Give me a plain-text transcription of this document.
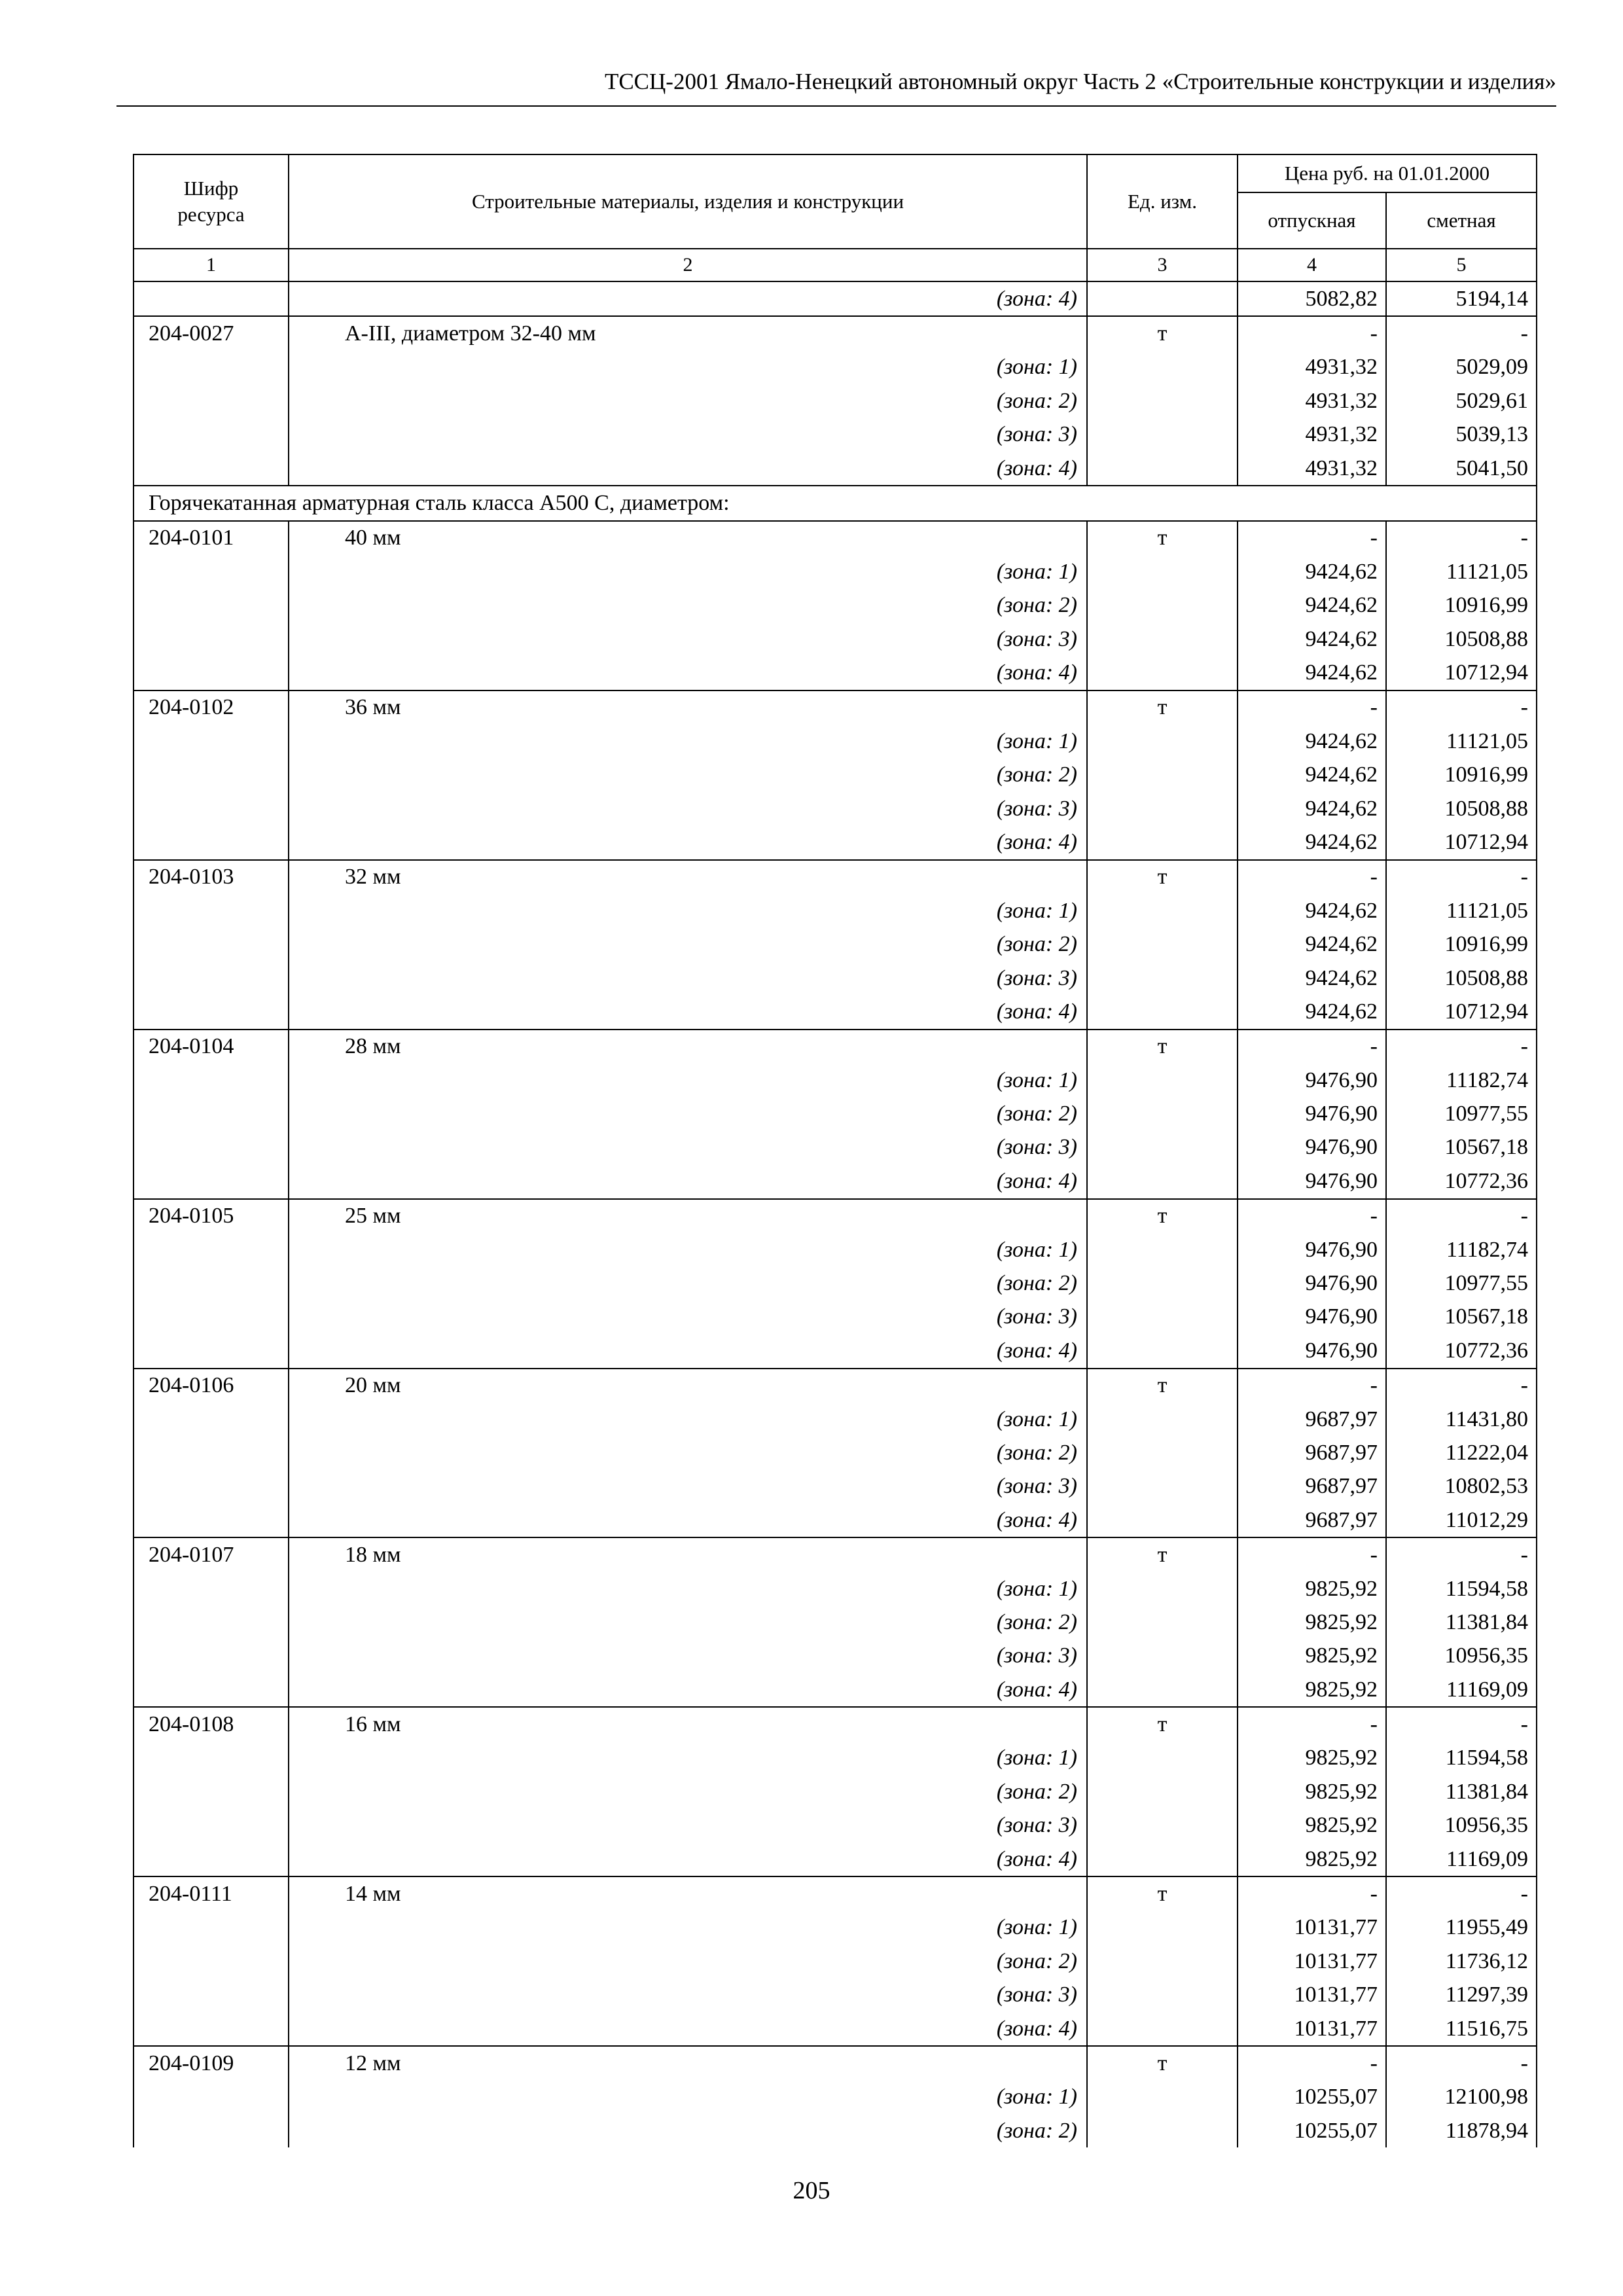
ТССЦ-2001 Ямало-Ненецкий автономный округ Часть 2 «Строительные конструкции и изделия»
Шифр ресурса	Строительные материалы, изделия и конструкции	Ед. изм.	Цена руб. на 01.01.2000	
			отпускная	сметная
1	2	3	4	5
	(зона: 4)		5082,82	5194,14
204-0027	A-III, диаметром 32-40 мм	т	-	-
	(зона: 1)		4931,32	5029,09
	(зона: 2)		4931,32	5029,61
	(зона: 3)		4931,32	5039,13
	(зона: 4)		4931,32	5041,50
Горячекатанная арматурная сталь класса А500 С, диаметром:				
204-0101	40 мм	т	-	-
	(зона: 1)		9424,62	11121,05
	(зона: 2)		9424,62	10916,99
	(зона: 3)		9424,62	10508,88
	(зона: 4)		9424,62	10712,94
204-0102	36 мм	т	-	-
	(зона: 1)		9424,62	11121,05
	(зона: 2)		9424,62	10916,99
	(зона: 3)		9424,62	10508,88
	(зона: 4)		9424,62	10712,94
204-0103	32 мм	т	-	-
	(зона: 1)		9424,62	11121,05
	(зона: 2)		9424,62	10916,99
	(зона: 3)		9424,62	10508,88
	(зона: 4)		9424,62	10712,94
204-0104	28 мм	т	-	-
	(зона: 1)		9476,90	11182,74
	(зона: 2)		9476,90	10977,55
	(зона: 3)		9476,90	10567,18
	(зона: 4)		9476,90	10772,36
204-0105	25 мм	т	-	-
	(зона: 1)		9476,90	11182,74
	(зона: 2)		9476,90	10977,55
	(зона: 3)		9476,90	10567,18
	(зона: 4)		9476,90	10772,36
204-0106	20 мм	т	-	-
	(зона: 1)		9687,97	11431,80
	(зона: 2)		9687,97	11222,04
	(зона: 3)		9687,97	10802,53
	(зона: 4)		9687,97	11012,29
204-0107	18 мм	т	-	-
	(зона: 1)		9825,92	11594,58
	(зона: 2)		9825,92	11381,84
	(зона: 3)		9825,92	10956,35
	(зона: 4)		9825,92	11169,09
204-0108	16 мм	т	-	-
	(зона: 1)		9825,92	11594,58
	(зона: 2)		9825,92	11381,84
	(зона: 3)		9825,92	10956,35
	(зона: 4)		9825,92	11169,09
204-0111	14 мм	т	-	-
	(зона: 1)		10131,77	11955,49
	(зона: 2)		10131,77	11736,12
	(зона: 3)		10131,77	11297,39
	(зона: 4)		10131,77	11516,75
204-0109	12 мм	т	-	-
	(зона: 1)		10255,07	12100,98
	(зона: 2)		10255,07	11878,94
205
